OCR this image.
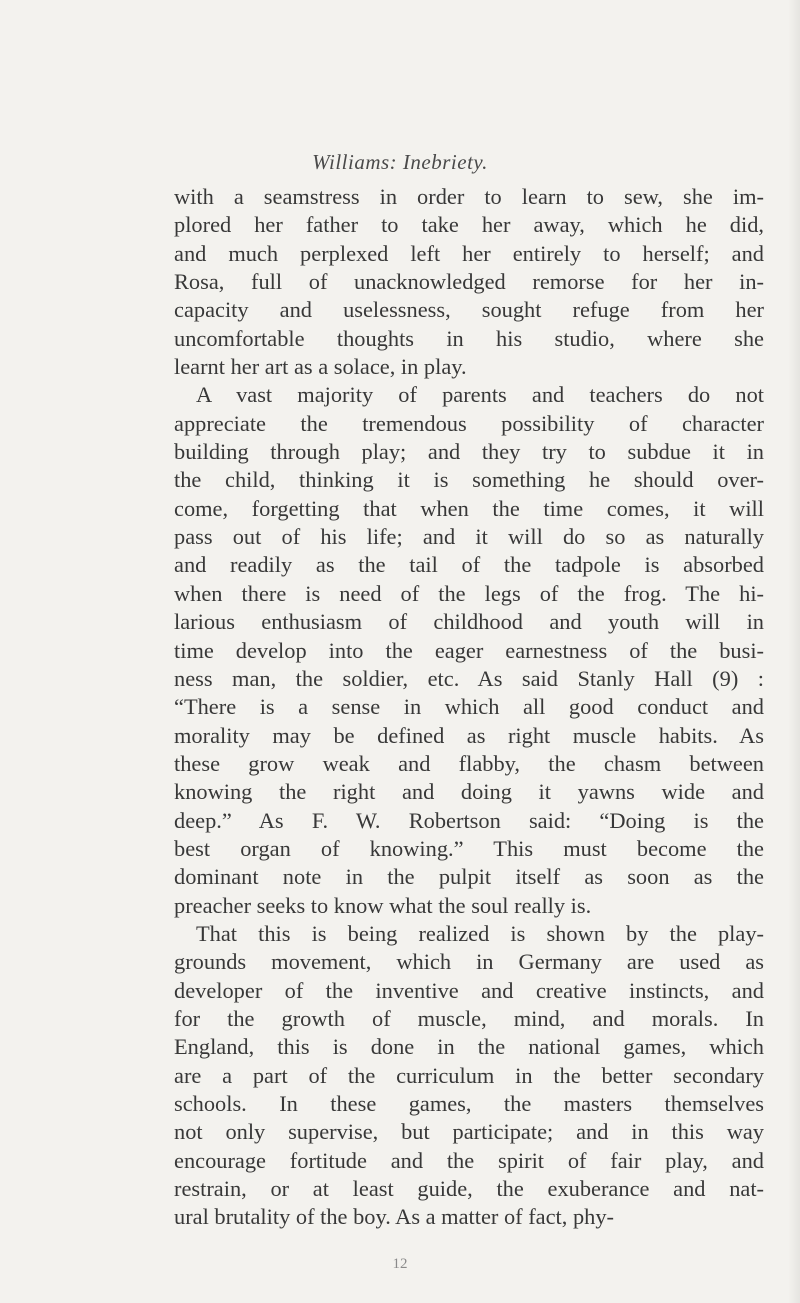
Williams: Inebriety.
with a seamstress in order to learn to sew, she im-
plored her father to take her away, which he did,
and much perplexed left her entirely to herself; and
Rosa, full of unacknowledged remorse for her in-
capacity and uselessness, sought refuge from her
uncomfortable thoughts in his studio, where she
learnt her art as a solace, in play.
A vast majority of parents and teachers do not
appreciate the tremendous possibility of character
building through play; and they try to subdue it in
the child, thinking it is something he should over-
come, forgetting that when the time comes, it will
pass out of his life; and it will do so as naturally
and readily as the tail of the tadpole is absorbed
when there is need of the legs of the frog. The hi-
larious enthusiasm of childhood and youth will in
time develop into the eager earnestness of the busi-
ness man, the soldier, etc. As said Stanly Hall (9) :
“There is a sense in which all good conduct and
morality may be defined as right muscle habits. As
these grow weak and flabby, the chasm between
knowing the right and doing it yawns wide and
deep.” As F. W. Robertson said: “Doing is the
best organ of knowing.” This must become the
dominant note in the pulpit itself as soon as the
preacher seeks to know what the soul really is.
That this is being realized is shown by the play-
grounds movement, which in Germany are used as
developer of the inventive and creative instincts, and
for the growth of muscle, mind, and morals. In
England, this is done in the national games, which
are a part of the curriculum in the better secondary
schools. In these games, the masters themselves
not only supervise, but participate; and in this way
encourage fortitude and the spirit of fair play, and
restrain, or at least guide, the exuberance and nat-
ural brutality of the boy. As a matter of fact, phy-
12
